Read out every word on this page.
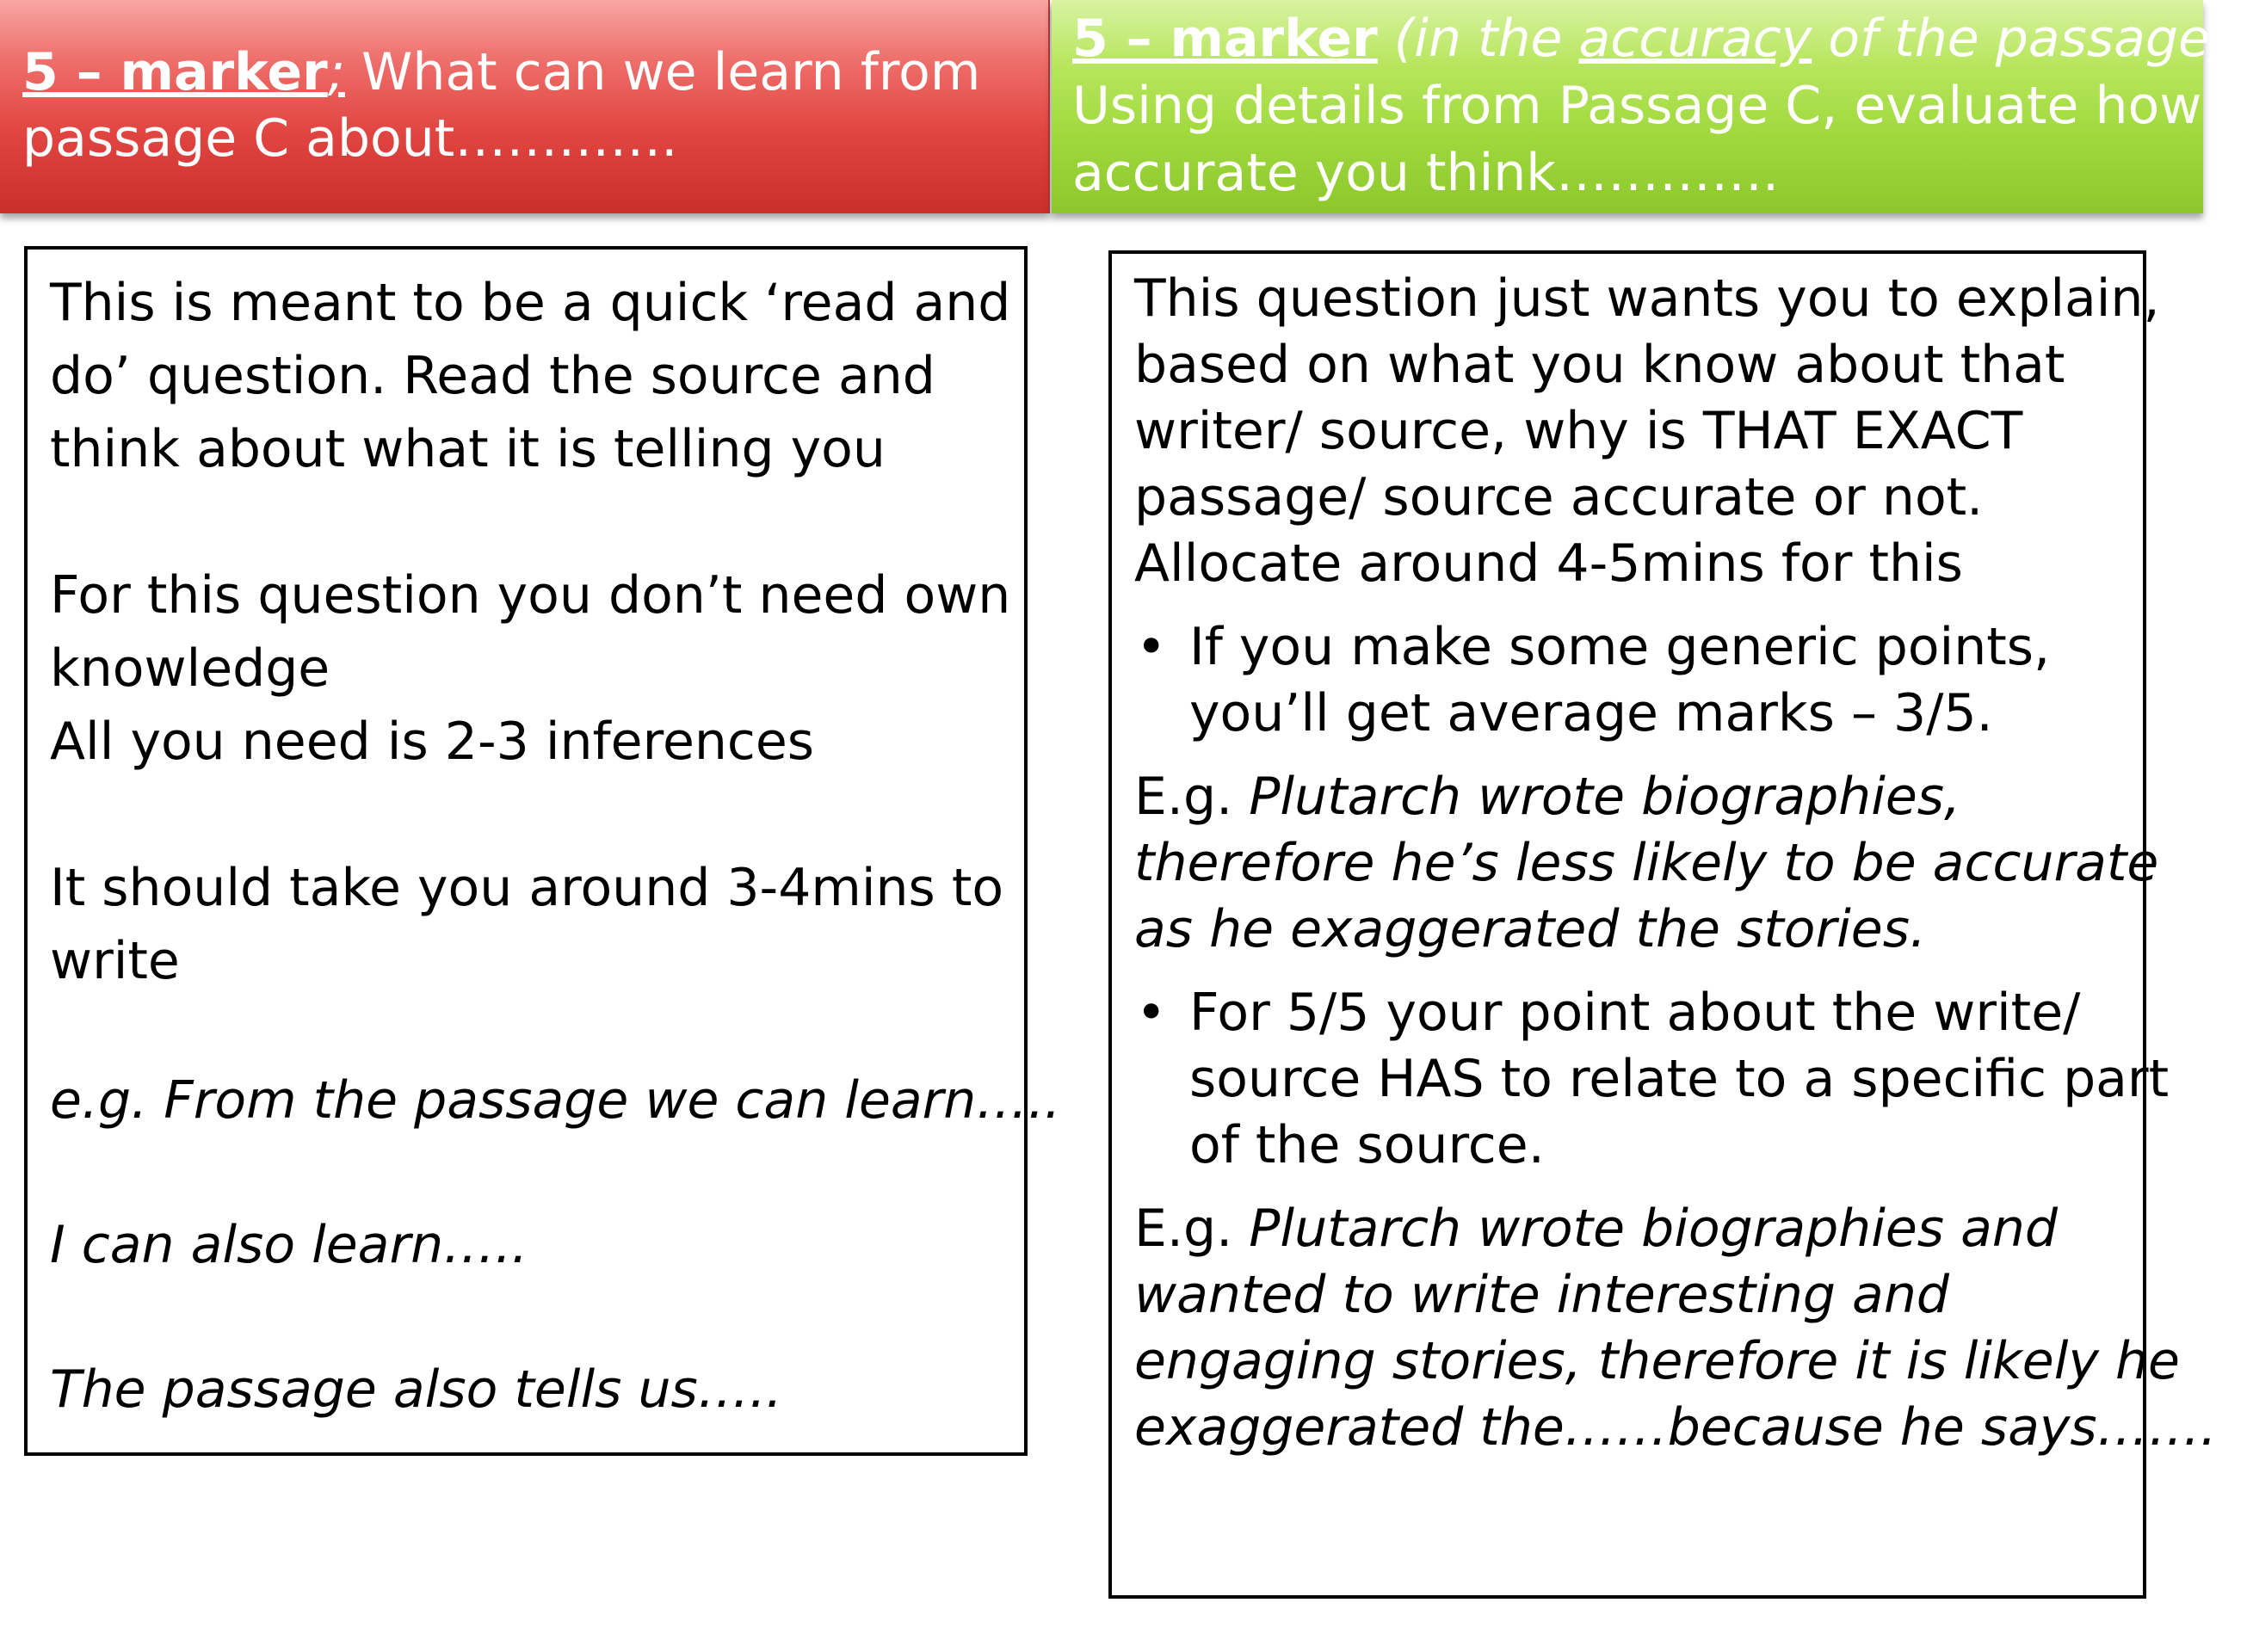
5 – marker; What can we learn from
passage C about………….
5 – marker (in the accuracy of the passage);
Using details from Passage C, evaluate how
accurate you think………….

This is meant to be a quick ‘read and

do’ question. Read the source and

think about what it is telling you

For this question you don’t need own

knowledge

All you need is 2-3 inferences

It should take you around 3-4mins to

write

e.g. From the passage we can learn…..

I can also learn…..

The passage also tells us…..

This question just wants you to explain,

based on what you know about that

writer/ source, why is THAT EXACT

passage/ source accurate or not.

Allocate around 4-5mins for this

• If you make some generic points,

you’ll get average marks – 3/5.

E.g. Plutarch wrote biographies,

therefore he’s less likely to be accurate

as he exaggerated the stories.

• For 5/5 your point about the write/

source HAS to relate to a specific part

of the source.

E.g. Plutarch wrote biographies and

wanted to write interesting and

engaging stories, therefore it is likely he

exaggerated the……because he says…….
